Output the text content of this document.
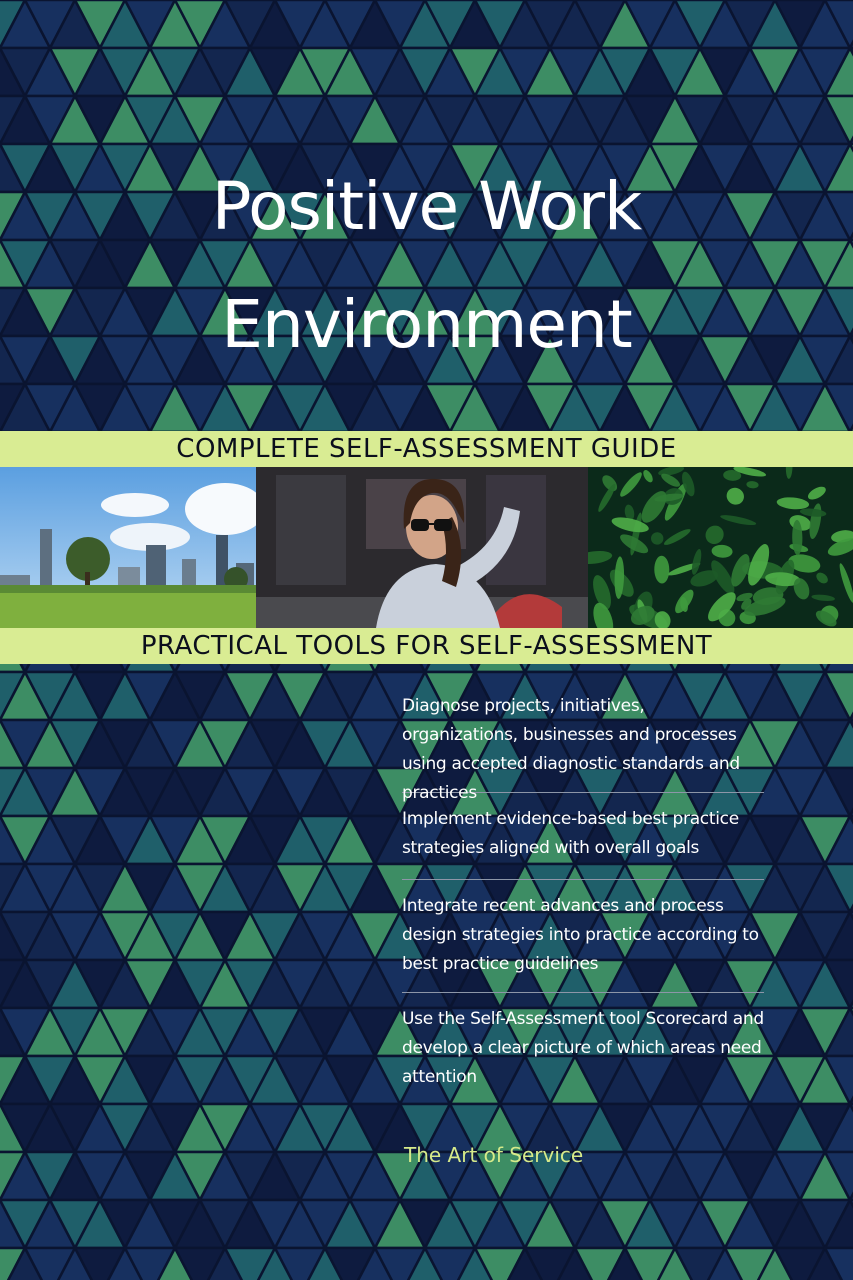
Positive Work
Environment
COMPLETE SELF-ASSESSMENT GUIDE
PRACTICAL TOOLS FOR SELF-ASSESSMENT
Diagnose projects, initiatives, organizations, businesses and processes using accepted diagnostic standards and practices
Implement evidence-based best practice strategies aligned with overall goals
Integrate recent advances and process design strategies into practice according to best practice guidelines
Use the Self-Assessment tool Scorecard and develop a clear picture of which areas need attention
The Art of Service
